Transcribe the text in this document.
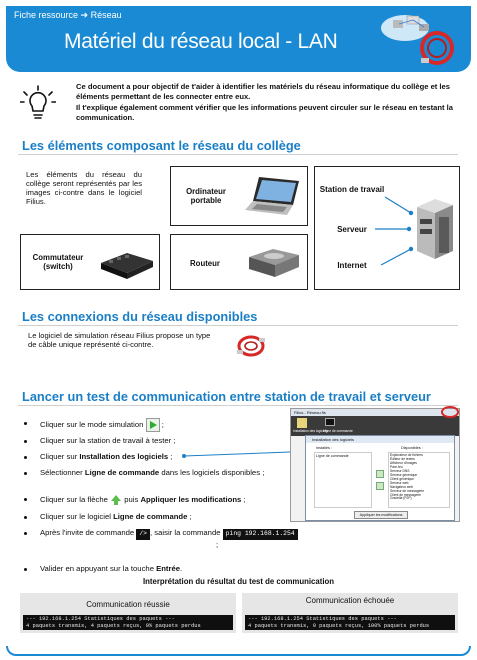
Fiche ressource ➔ Réseau
Matériel du réseau local - LAN
Ce document a pour objectif de t'aider à identifier les matériels du réseau informatique du collège et les éléments permettant de les connecter entre eux.
Il t'explique également comment vérifier que les informations peuvent circuler sur le réseau en testant la communication.
Les éléments composant le réseau du collège
Les éléments du réseau du collège seront représentés par les images ci-contre dans le logiciel Filius.
Ordinateur portable
Commutateur (switch)	Routeur
Station de travail
Serveur
Internet
Les connexions du réseau disponibles
Le logiciel de simulation réseau Filius propose un type de câble unique représenté ci-contre.
Lancer un test de communication entre station de travail et serveur
Cliquer sur le mode simulation ;
Cliquer sur la station de travail à tester ;
Cliquer sur Installation des logiciels ;
Sélectionner Ligne de commande dans les logiciels disponibles ;
Cliquer sur la flèche puis Appliquer les modifications ;
Cliquer sur le logiciel Ligne de commande ;
Après l'invite de commande /> , saisir la commande ping 192.168.1.254
;
Valider en appuyant sur la touche Entrée.
Filius - Réseau.fls
Installation des logiciels
Ligne de commande
Installation des logiciels
Installés :	Disponibles :
Ligne de commande	Explorateur de fichiers
Éditeur de textes
Afficheur d'images
Pare-feu
Serveur DNS
Serveur générique
Client générique
Serveur web
Navigateur web
Serveur de messagerie
Client de messagerie
Gnutella (P2P)
Appliquer les modifications
Interprétation du résultat du test de communication
Communication réussie
--- 192.168.1.254 Statistiques des paquets ---
4 paquets transmis, 4 paquets reçus, 0% paquets perdus
Communication échouée
--- 192.168.1.254 Statistiques des paquets ---
4 paquets transmis, 0 paquets reçus, 100% paquets perdus
